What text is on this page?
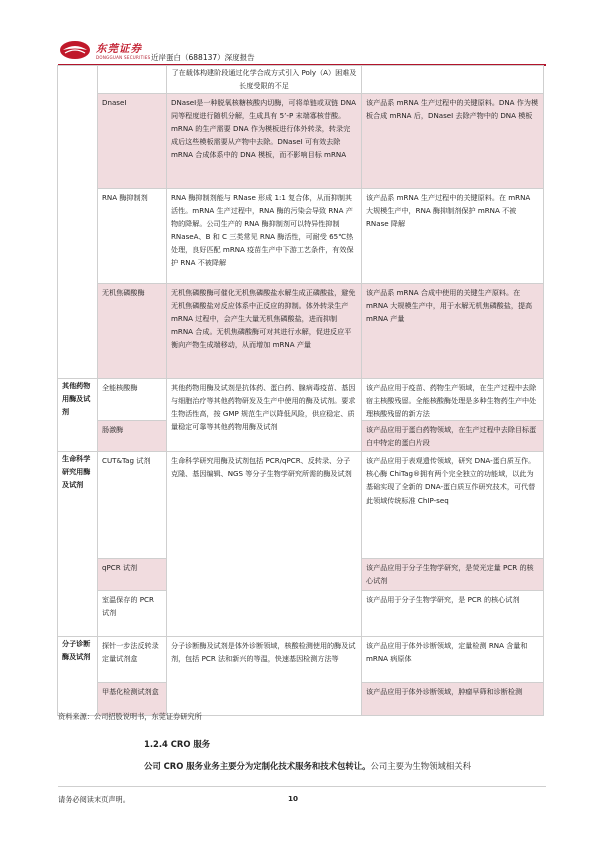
东莞证券
DONGGUAN SECURITIES 近岸蛋白（688137）深度报告
		了在载体构建阶段通过化学合成方式引入 Poly（A）困难及长度受限的不足	
	DnaseⅠ	DNaseⅠ是一种脱氧核糖核酸内切酶，可将单链或双链 DNA 同等程度进行随机分解，生成具有 5’-P 末端寡核苷酸。mRNA 的生产需要 DNA 作为模板进行体外转录，转录完成后这些模板需要从产物中去除。DNaseI 可有效去除 mRNA 合成体系中的 DNA 模板，而不影响目标 mRNA	该产品系 mRNA 生产过程中的关键原料。DNA 作为模板合成 mRNA 后，DNaseI 去除产物中的 DNA 模板
	RNA 酶抑制剂	RNA 酶抑制剂能与 RNase 形成 1:1 复合体，从而抑制其活性。mRNA 生产过程中，RNA 酶的污染会导致 RNA 产物的降解。公司生产的 RNA 酶抑制剂可以特异性抑制 RNaseA、B 和 C 三类常见 RNA 酶活性，可耐受 65℃热处理，良好匹配 mRNA 疫苗生产中下游工艺条件，有效保护 RNA 不被降解	该产品系 mRNA 生产过程中的关键原料。在 mRNA 大规模生产中，RNA 酶抑制剂保护 mRNA 不被 RNase 降解
	无机焦磷酸酶	无机焦磷酸酶可催化无机焦磷酸盐水解生成正磷酸盐，避免无机焦磷酸盐对反应体系中正反应的抑制。体外转录生产 mRNA 过程中，会产生大量无机焦磷酸盐，进而抑制 mRNA 合成。无机焦磷酸酶可对其进行水解，促进反应平衡向产物生成端移动，从而增加 mRNA 产量	该产品系 mRNA 合成中使用的关键生产原料。在 mRNA 大规模生产中，用于水解无机焦磷酸盐，提高 mRNA 产量
其他药物用酶及试剂	全能核酸酶	其他药物用酶及试剂是抗体药、蛋白药、腺病毒疫苗、基因与细胞治疗等其他药物研发及生产中使用的酶及试剂。要求生物活性高，按 GMP 规范生产以降低风险，供应稳定、质量稳定可靠等其他药物用酶及试剂	该产品应用于疫苗、药物生产领域，在生产过程中去除宿主核酸残留。全能核酸酶处理是多种生物药生产中处理核酸残留的新方法
	肠激酶		该产品应用于蛋白药物领域，在生产过程中去除目标蛋白中特定的蛋白片段
生命科学研究用酶及试剂	CUT&Tag 试剂	生命科学研究用酶及试剂包括 PCR/qPCR、反转录、分子克隆、基因编辑、NGS 等分子生物学研究所需的酶及试剂	该产品应用于表观遗传领域，研究 DNA-蛋白质互作。核心酶 ChiTag®拥有两个完全独立的功能域，以此为基础实现了全新的 DNA-蛋白质互作研究技术，可代替此领域传统标准 ChIP-seq
	qPCR 试剂		该产品应用于分子生物学研究，是荧光定量 PCR 的核心试剂
	室温保存的 PCR 试剂		该产品用于分子生物学研究，是 PCR 的核心试剂
分子诊断酶及试剂	探针一步法反转录定量试剂盒	分子诊断酶及试剂是体外诊断领域，核酸检测使用的酶及试剂，包括 PCR 法和新兴的等温，快速基因检测方法等	该产品应用于体外诊断领域，定量检测 RNA 含量和 mRNA 病原体
	甲基化检测试剂盒		该产品应用于体外诊断领域，肿瘤早筛和诊断检测
资料来源：公司招股说明书，东莞证券研究所
1.2.4 CRO 服务
公司 CRO 服务业务主要分为定制化技术服务和技术包转让。公司主要为生物领域相关科
请务必阅读末页声明。	10
